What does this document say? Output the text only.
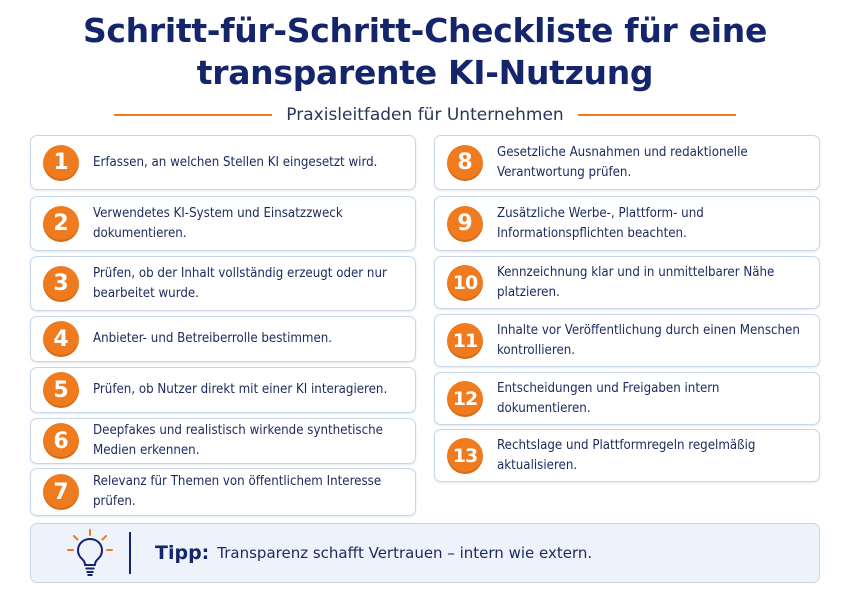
Schritt-für-Schritt-Checkliste für eine
transparente KI-Nutzung
Praxisleitfaden für Unternehmen
1	Erfassen, an welchen Stellen KI eingesetzt wird.
2	Verwendetes KI-System und Einsatzzweck dokumentieren.
3	Prüfen, ob der Inhalt vollständig erzeugt oder nur bearbeitet wurde.
4	Anbieter- und Betreiberrolle bestimmen.
5	Prüfen, ob Nutzer direkt mit einer KI interagieren.
6	Deepfakes und realistisch wirkende synthetische Medien erkennen.
7	Relevanz für Themen von öffentlichem Interesse prüfen.
8	Gesetzliche Ausnahmen und redaktionelle Verantwortung prüfen.
9	Zusätzliche Werbe-, Plattform- und Informationspflichten beachten.
10	Kennzeichnung klar und in unmittelbarer Nähe platzieren.
11	Inhalte vor Veröffentlichung durch einen Menschen kontrollieren.
12	Entscheidungen und Freigaben intern dokumentieren.
13	Rechtslage und Plattformregeln regelmäßig aktualisieren.
Tipp: Transparenz schafft Vertrauen – intern wie extern.
